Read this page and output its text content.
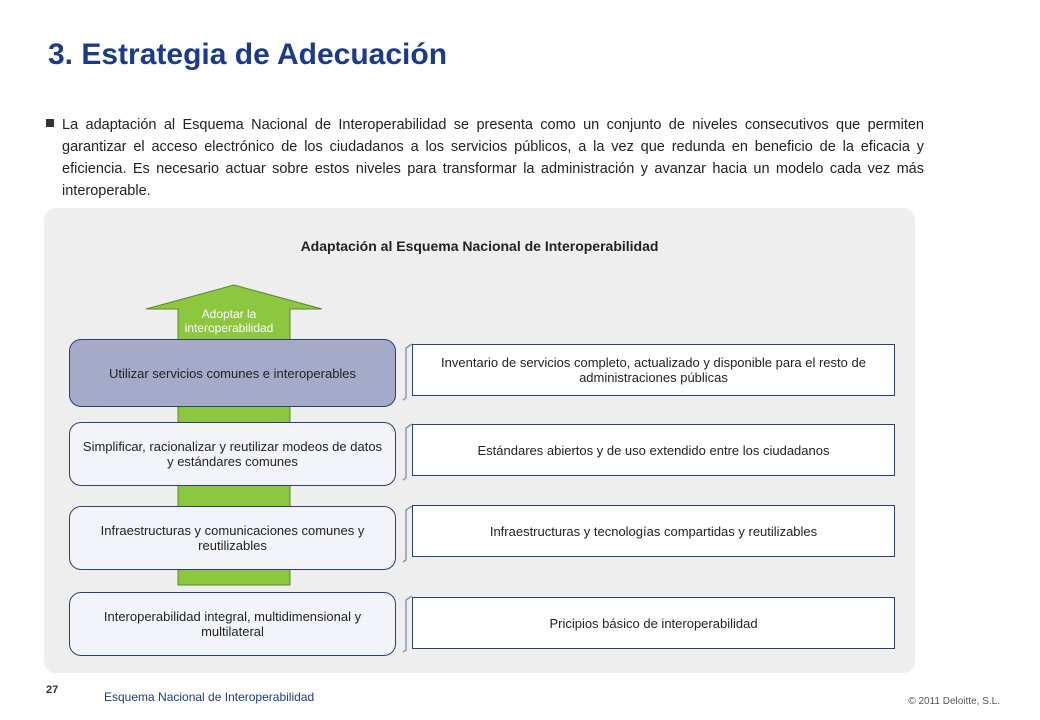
3. Estrategia de Adecuación

La adaptación al Esquema Nacional de Interoperabilidad se presenta como un conjunto de niveles consecutivos que permiten garantizar el acceso electrónico de los ciudadanos a los servicios públicos, a la vez que redunda en beneficio de la eficacia y eficiencia. Es necesario actuar sobre estos niveles para transformar la administración y avanzar hacia un modelo cada vez más interoperable.

Adaptación al Esquema Nacional de Interoperabilidad
Adoptar la interoperabilidad
Utilizar servicios comunes e interoperables
Simplificar, racionalizar y reutilizar modeos de datos y estándares comunes
Infraestructuras y comunicaciones comunes y reutilizables
Interoperabilidad integral, multidimensional y multilateral
Inventario de servicios completo, actualizado y disponible para el resto de administraciones públicas
Estándares abiertos y de uso extendido entre los ciudadanos
Infraestructuras y tecnologías compartidas y reutilizables
Pricipios básico de interoperabilidad
27	Esquema Nacional de Interoperabilidad	© 2011 Deloitte, S.L.
